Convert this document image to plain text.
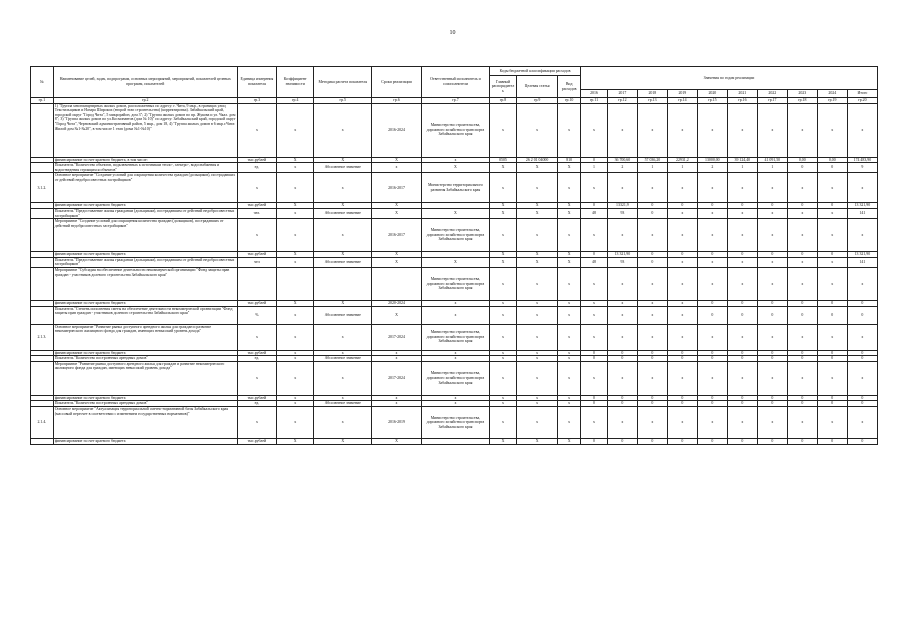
10
№	Наименование целей, задач, подпрограмм, основных мероприятий, мероприятий, показателей целевых программ, показателей	Единица измерения показателя	Коэффициент значимости	Методика расчета показателя	Сроки реализации	Ответственный исполнитель и соисполнители	Коды бюджетной классификации расходов			Значения по годам реализации									
							Главный распорядитель	Целевая статья	Вид расходов										
										2016	2017	2018	2019	2020	2021	2022	2023	2024	Итого
гр.1	гр.2	гр.3	гр.4	гр.5	гр.6	гр.7	гр.8	гр.9	гр.10	гр.11	гр.12	гр.13	гр.14	гр.15	гр.16	гр.17	гр.18	гр.19	гр.20
	1) "Группа многоквартирных жилых домов, расположенных по адресу: г. Чита, 9 мкр., в границах улиц Текстильщиков и Назара Широких (второй этап строительства) (корректировка). Забайкальский край, городской округ "Город Чита", 5 микрорайон, дом 3"; 2) "Группа жилых домов по пр. Жукова и ул. Чкал. дом 8"; 3) "Группа жилых домов по ул.Космонавтов (дом № 10)" по адресу: Забайкальский край, городской округ "Город Чита", Черновский административный район, 5 мкр., дом 18, 4) "Группа жилых домов в 6 мкр.г.Чита: Жилой дом №1-№20", в том числе 1 этап (дома №1-№10)"	х	х	х	2016-2024	Министерство строительства, дорожного хозяйства и транспорта Забайкальского края	х	х	х	х	х	х	х	х	х	х	х	х	х
	финансирование за счет краевого бюджета, в том числе:	тыс.рублей	Х	Х	Х	х	0505	26 2 01 04000	810	0	36 700,60	57 036,20	22931,2	13000,00	39 124,40	41 091,50	0,00	0,00	174 483,90
	Показатель "Количество объектов, подключенных к источникам тепло-, электро-, водоснабжения и водоотведения строящихся объектов"	ед.	х	Абсолютное значение	х	Х	Х	Х	Х	1	2	1	1	2	1	1	0	0	9
3.1.2.	Основное мероприятие "Создание условий для сокращения количества граждан (дольщиков), пострадавших от действий недобросовестных застройщиков"	х	х	х	2016-2017	Министерство территориального развития Забайкальского края	х	х	х	х	х	х	х	х	х	х	х	х	х
	финансирование за счет краевого бюджета	тыс.рублей	Х	Х	Х		Х	Х	Х	0	13321,9	0	0	0	0	0	0	0	13 321,90
	Показатель "Предоставление жилья гражданам (дольщикам), пострадавшим от действий недобросовестных застройщиков"	чел.	х	Абсолютное значение	Х	Х	Х	Х	Х	48	93	0	х	х	х	х	х	х	141
	Мероприятие "Создание условий для сокращения количества граждан (дольщиков), пострадавших от действий недобросовестных застройщиков"	х	х	х	2016-2017	Министерство строительства, дорожного хозяйства и транспорта Забайкальского края	х	х	х	х	х	х	х	х	х	х	х	х	х
	финансирование за счет краевого бюджета	тыс.рублей	Х	Х	Х		Х	Х	Х	0	13 321,90	0	0	0	0	0	0	0	13 321,90
	Показатель "Предоставление жилья гражданам (дольщикам), пострадавшим от действий недобросовестных застройщиков"	чел	х	Абсолютное значение	Х	Х	Х	Х	Х	48	93	0	х	х	х	х	х	х	141
	Мероприятие "Субсидия на обеспечение деятельности некоммерческой организации "Фонд защиты прав граждан - участников долевого строительства Забайкальского края"					Министерство строительства, дорожного хозяйства и транспорта Забайкальского края	х	х	х	х	х	х	х	х	х	х	х	х	х
	финансирование за счет краевого бюджета	тыс.рублей	Х	Х	2020-2024	х	х	х	х	х	х	х	х	0	0	0	0	0	0
	Показатель "Степень исполнения сметы на обеспечение деятельности некоммерческой организации "Фонд защиты прав граждан - участников долевого строительства Забайкальского края"	%	х	Абсолютное значение	Х	х	х	х	х	х	х	х	х	0	0	0	0	0	0
2.1.3.	Основное мероприятие "Развитие рынка доступного арендного жилья для граждан и развитие некоммерческого жилищного фонда для граждан, имеющих невысокий уровень дохода"	х	х	х	2017-2024	Министерство строительства, дорожного хозяйства и транспорта Забайкальского края	х	х	х	х	х	х	х	х	х	х	х	х	х
	финансирование за счет краевого бюджета	тыс.рублей	х	х	х	х	х	х	х	0	0	0	0	0	0	0	0	0	0
	Показатель "Количество построенных арендных домов"	ед.	х	Абсолютное значение	х	х	х	х	х	0	0	0	0	0	0	0	0	0	0
	Мероприятие "Развитие рынка доступного арендного жилья для граждан и развитие некоммерческого жилищного фонда для граждан, имеющих невысокий уровень дохода"	х	х	х	2017-2024	Министерство строительства, дорожного хозяйства и транспорта Забайкальского края	х	х	х	х	х	х	х	х	х	х	х	х	х
	финансирование за счет краевого бюджета	тыс.рублей	х	х	х	х	х	х	х	0	0	0	0	0	0	0	0	0	0
	Показатель "Количество построенных арендных домов"	ед.	х	Абсолютное значение	х	х	х	х	х	0	0	0	0	0	0	0	0	0	0
2.1.4.	Основное мероприятие "Актуализация территориальной сметно-нормативной базы Забайкальского края (массовый пересчет в соответствии с изменением государственных нормативов)"	х	х	х	2016-2019	Министерство строительства, дорожного хозяйства и транспорта Забайкальского края	х	х	х	х	х	х	х	х	х	х	х	х	х
	финансирование за счет краевого бюджета	тыс.рублей	Х	Х	Х		Х	Х	Х	0	0	0	0	0	0	0	0	0	0
